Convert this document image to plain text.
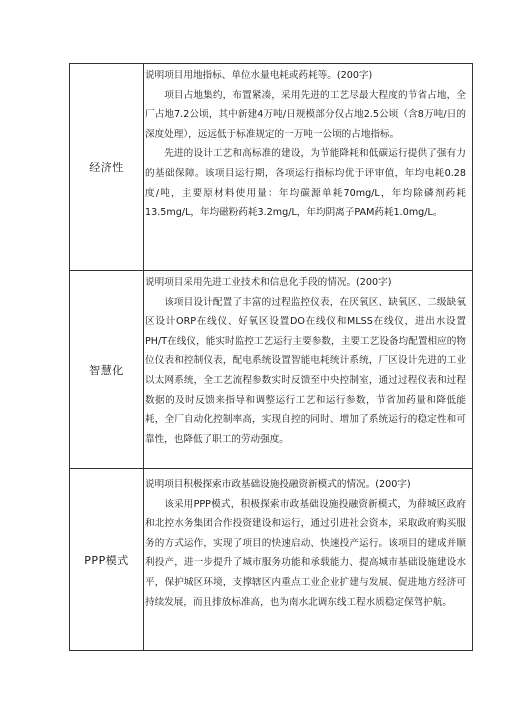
经济性

说明项目用地指标、单位水量电耗或药耗等。(200字)

项目占地集约，布置紧凑，采用先进的工艺尽最大程度的节省占地，全厂占地7.2公顷，其中新建4万吨/日规模部分仅占地2.5公顷（含8万吨/日的深度处理），远远低于标准规定的一万吨一公顷的占地指标。

先进的设计工艺和高标准的建设，为节能降耗和低碳运行提供了强有力的基础保障。该项目运行期，各项运行指标均优于评审值，年均电耗0.28度/吨，主要原材料使用量：年均碳源单耗70mg/L，年均除磷剂药耗13.5mg/L，年均磁粉药耗3.2mg/L，年均阴离子PAM药耗1.0mg/L。

智慧化

说明项目采用先进工业技术和信息化手段的情况。(200字)

该项目设计配置了丰富的过程监控仪表，在厌氧区、缺氧区、二级缺氧区设计ORP在线仪、好氧区设置DO在线仪和MLSS在线仪，进出水设置PH/T在线仪，能实时监控工艺运行主要参数，主要工艺设备均配置相应的物位仪表和控制仪表，配电系统设置智能电耗统计系统，厂区设计先进的工业以太网系统，全工艺流程参数实时反馈至中央控制室，通过过程仪表和过程数据的及时反馈来指导和调整运行工艺和运行参数，节省加药量和降低能耗，全厂自动化控制率高，实现自控的同时、增加了系统运行的稳定性和可靠性，也降低了职工的劳动强度。

PPP模式

说明项目积极探索市政基础设施投融资新模式的情况。(200字)

该采用PPP模式，积极探索市政基础设施投融资新模式，为薛城区政府和北控水务集团合作投资建设和运行，通过引进社会资本，采取政府购买服务的方式运作，实现了项目的快速启动、快速投产运行。该项目的建成并顺利投产，进一步提升了城市服务功能和承载能力、提高城市基础设施建设水平，保护城区环境，支撑辖区内重点工业企业扩建与发展、促进地方经济可持续发展，而且排放标准高，也为南水北调东线工程水质稳定保驾护航。
